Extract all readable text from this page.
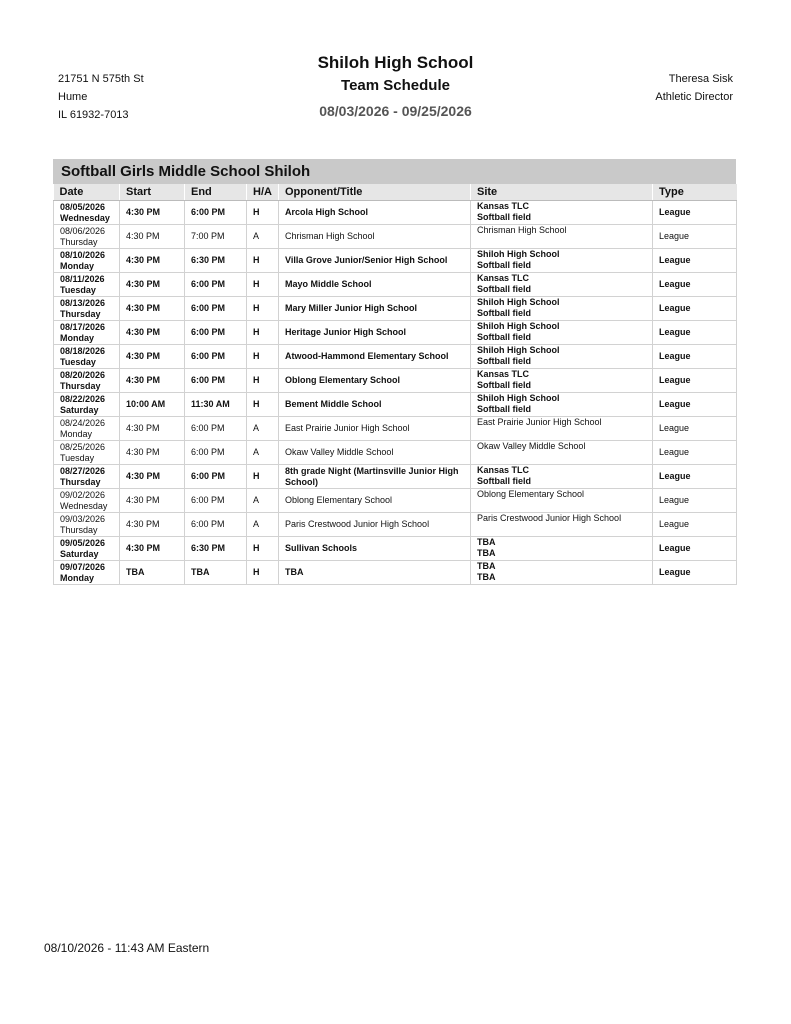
21751 N 575th St
Hume
IL 61932-7013
Shiloh High School
Team Schedule
08/03/2026 - 09/25/2026
Theresa Sisk
Athletic Director
Softball Girls Middle School Shiloh
Date	Start	End	H/A	Opponent/Title	Site	Type

08/05/2026
Wednesday	4:30 PM	6:00 PM	H	Arcola High School	Kansas TLC
Softball field	League

08/06/2026
Thursday	4:30 PM	7:00 PM	A	Chrisman High School	Chrisman High School	League

08/10/2026
Monday	4:30 PM	6:30 PM	H	Villa Grove Junior/Senior High School	Shiloh High School
Softball field	League

08/11/2026
Tuesday	4:30 PM	6:00 PM	H	Mayo Middle School	Kansas TLC
Softball field	League

08/13/2026
Thursday	4:30 PM	6:00 PM	H	Mary Miller Junior High School	Shiloh High School
Softball field	League

08/17/2026
Monday	4:30 PM	6:00 PM	H	Heritage Junior High School	Shiloh High School
Softball field	League

08/18/2026
Tuesday	4:30 PM	6:00 PM	H	Atwood-Hammond Elementary School	Shiloh High School
Softball field	League

08/20/2026
Thursday	4:30 PM	6:00 PM	H	Oblong Elementary School	Kansas TLC
Softball field	League

08/22/2026
Saturday	10:00 AM	11:30 AM	H	Bement Middle School	Shiloh High School
Softball field	League

08/24/2026
Monday	4:30 PM	6:00 PM	A	East Prairie Junior High School	East Prairie Junior High School	League

08/25/2026
Tuesday	4:30 PM	6:00 PM	A	Okaw Valley Middle School	Okaw Valley Middle School	League

08/27/2026
Thursday	4:30 PM	6:00 PM	H	8th grade Night (Martinsville Junior High School)	Kansas TLC
Softball field	League

09/02/2026
Wednesday	4:30 PM	6:00 PM	A	Oblong Elementary School	Oblong Elementary School	League

09/03/2026
Thursday	4:30 PM	6:00 PM	A	Paris Crestwood Junior High School	Paris Crestwood Junior High School	League

09/05/2026
Saturday	4:30 PM	6:30 PM	H	Sullivan Schools	TBA
TBA	League

09/07/2026
Monday	TBA	TBA	H	TBA	TBA
TBA	League
08/10/2026 - 11:43 AM Eastern
